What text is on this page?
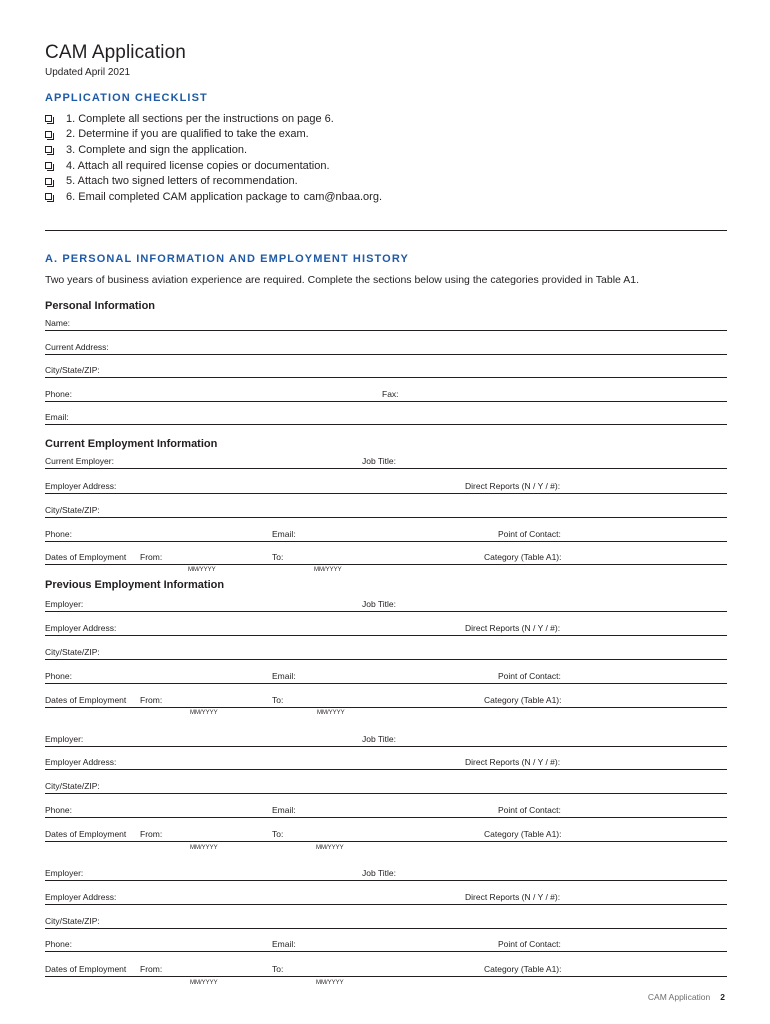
CAM Application
Updated April 2021
APPLICATION CHECKLIST
1. Complete all sections per the instructions on page 6.
2. Determine if you are qualified to take the exam.
3. Complete and sign the application.
4. Attach all required license copies or documentation.
5. Attach two signed letters of recommendation.
6. Email completed CAM application package to cam@nbaa.org.
A. PERSONAL INFORMATION AND EMPLOYMENT HISTORY
Two years of business aviation experience are required. Complete the sections below using the categories provided in Table A1.
Personal Information
Name:
Current Address:
City/State/ZIP:
Phone:	Fax:
Email:
Current Employment Information
Current Employer:	Job Title:
Employer Address:	Direct Reports (N / Y / #):
City/State/ZIP:
Phone:	Email:	Point of Contact:
Dates of Employment From:	To:	Category (Table A1):
MM/YYYY	MM/YYYY
Previous Employment Information
Employer:	Job Title:
Employer Address:	Direct Reports (N / Y / #):
City/State/ZIP:
Phone:	Email:	Point of Contact:
Dates of Employment From:	To:	Category (Table A1):
MM/YYYY	MM/YYYY
Employer:	Job Title:
Employer Address:	Direct Reports (N / Y / #):
City/State/ZIP:
Phone:	Email:	Point of Contact:
Dates of Employment From:	To:	Category (Table A1):
MM/YYYY	MM/YYYY
Employer:	Job Title:
Employer Address:	Direct Reports (N / Y / #):
City/State/ZIP:
Phone:	Email:	Point of Contact:
Dates of Employment From:	To:	Category (Table A1):
MM/YYYY	MM/YYYY
CAM Application 2
